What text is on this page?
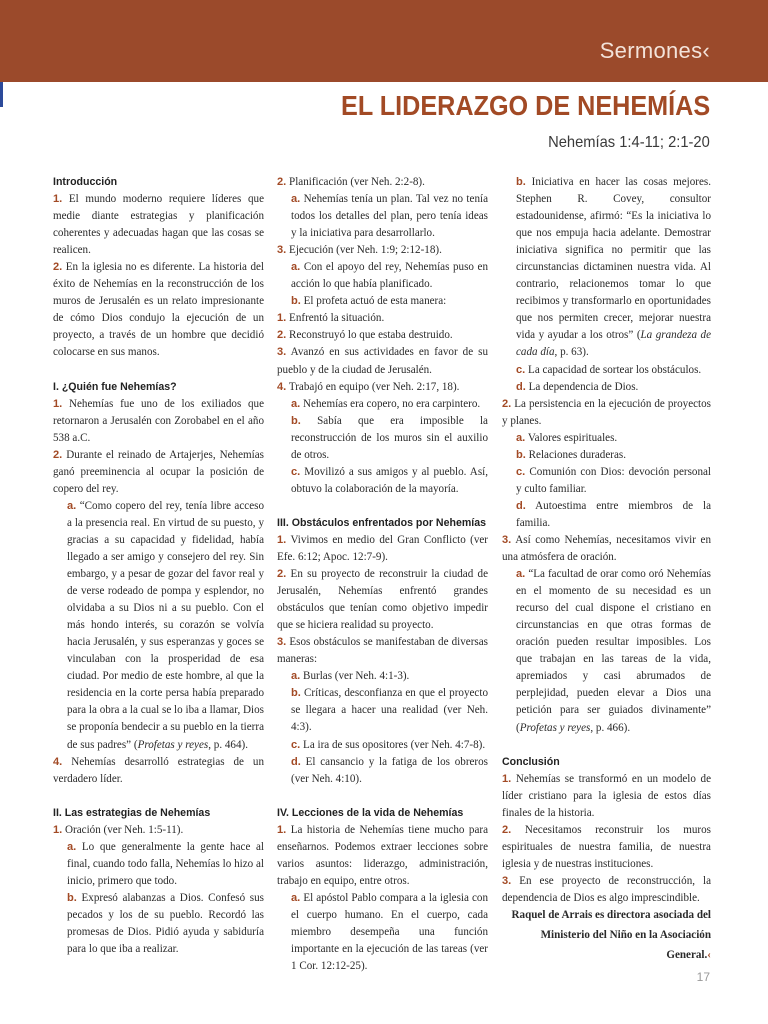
Sermones‹
EL LIDERAZGO DE NEHEMÍAS
Nehemías 1:4-11; 2:1-20

Introducción

1. El mundo moderno requiere líderes que medie diante estrategias y planificación coherentes y adecuadas hagan que las cosas se realicen.

2. En la iglesia no es diferente. La historia del éxito de Nehemías en la reconstrucción de los muros de Jerusalén es un relato impresionante de cómo Dios condujo la ejecución de un proyecto, a través de un hombre que decidió colocarse en sus manos.

I. ¿Quién fue Nehemías?

1. Nehemías fue uno de los exiliados que retornaron a Jerusalén con Zorobabel en el año 538 a.C.

2. Durante el reinado de Artajerjes, Nehemías ganó preeminencia al ocupar la posición de copero del rey.

a. “Como copero del rey, tenía libre acceso a la presencia real. En virtud de su puesto, y gracias a su capacidad y fidelidad, había llegado a ser amigo y consejero del rey. Sin embargo, y a pesar de gozar del favor real y de verse rodeado de pompa y esplendor, no olvidaba a su Dios ni a su pueblo. Con el más hondo interés, su corazón se volvía hacia Jerusalén, y sus esperanzas y goces se vinculaban con la prosperidad de esa ciudad. Por medio de este hombre, al que la residencia en la corte persa había preparado para la obra a la cual se lo iba a llamar, Dios se proponía bendecir a su pueblo en la tierra de sus padres” (Profetas y reyes, p. 464).

4. Nehemías desarrolló estrategias de un verdadero líder.

II. Las estrategias de Nehemías

1. Oración (ver Neh. 1:5-11).

a. Lo que generalmente la gente hace al final, cuando todo falla, Nehemías lo hizo al inicio, primero que todo.

b. Expresó alabanzas a Dios. Confesó sus pecados y los de su pueblo. Recordó las promesas de Dios. Pidió ayuda y sabiduría para lo que iba a realizar.

2. Planificación (ver Neh. 2:2-8).

a. Nehemías tenía un plan. Tal vez no tenía todos los detalles del plan, pero tenía ideas y la iniciativa para desarrollarlo.

3. Ejecución (ver Neh. 1:9; 2:12-18).

a. Con el apoyo del rey, Nehemías puso en acción lo que había planificado.

b. El profeta actuó de esta manera:

1. Enfrentó la situación.

2. Reconstruyó lo que estaba destruido.

3. Avanzó en sus actividades en favor de su pueblo y de la ciudad de Jerusalén.

4. Trabajó en equipo (ver Neh. 2:17, 18).

a. Nehemías era copero, no era carpintero.

b. Sabía que era imposible la reconstrucción de los muros sin el auxilio de otros.

c. Movilizó a sus amigos y al pueblo. Así, obtuvo la colaboración de la mayoría.

III. Obstáculos enfrentados por Nehemías

1. Vivimos en medio del Gran Conflicto (ver Efe. 6:12; Apoc. 12:7-9).

2. En su proyecto de reconstruir la ciudad de Jerusalén, Nehemías enfrentó grandes obstáculos que tenían como objetivo impedir que se hiciera realidad su proyecto.

3. Esos obstáculos se manifestaban de diversas maneras:

a. Burlas (ver Neh. 4:1-3).

b. Críticas, desconfianza en que el proyecto se llegara a hacer una realidad (ver Neh. 4:3).

c. La ira de sus opositores (ver Neh. 4:7-8).

d. El cansancio y la fatiga de los obreros (ver Neh. 4:10).

IV. Lecciones de la vida de Nehemías

1. La historia de Nehemías tiene mucho para enseñarnos. Podemos extraer lecciones sobre varios asuntos: liderazgo, administración, trabajo en equipo, entre otros.

a. El apóstol Pablo compara a la iglesia con el cuerpo humano. En el cuerpo, cada miembro desempeña una función importante en la ejecución de las tareas (ver 1 Cor. 12:12-25).

b. Iniciativa en hacer las cosas mejores. Stephen R. Covey, consultor estadounidense, afirmó: “Es la iniciativa lo que nos empuja hacia adelante. Demostrar iniciativa significa no permitir que las circunstancias dictaminen nuestra vida. Al contrario, relacionemos tomar lo que recibimos y transformarlo en oportunidades que nos permiten crecer, mejorar nuestra vida y ayudar a los otros” (La grandeza de cada día, p. 63).

c. La capacidad de sortear los obstáculos.

d. La dependencia de Dios.

2. La persistencia en la ejecución de proyectos y planes.

a. Valores espirituales.

b. Relaciones duraderas.

c. Comunión con Dios: devoción personal y culto familiar.

d. Autoestima entre miembros de la familia.

3. Así como Nehemías, necesitamos vivir en una atmósfera de oración.

a. “La facultad de orar como oró Nehemías en el momento de su necesidad es un recurso del cual dispone el cristiano en circunstancias en que otras formas de oración pueden resultar imposibles. Los que trabajan en las tareas de la vida, apremiados y casi abrumados de perplejidad, pueden elevar a Dios una petición para ser guiados divinamente” (Profetas y reyes, p. 466).

Conclusión

1. Nehemías se transformó en un modelo de líder cristiano para la iglesia de estos días finales de la historia.

2. Necesitamos reconstruir los muros espirituales de nuestra familia, de nuestra iglesia y de nuestras instituciones.

3. En ese proyecto de reconstrucción, la dependencia de Dios es algo imprescindible.

Raquel de Arrais es directora asociada del Ministerio del Niño en la Asociación General.‹
17
